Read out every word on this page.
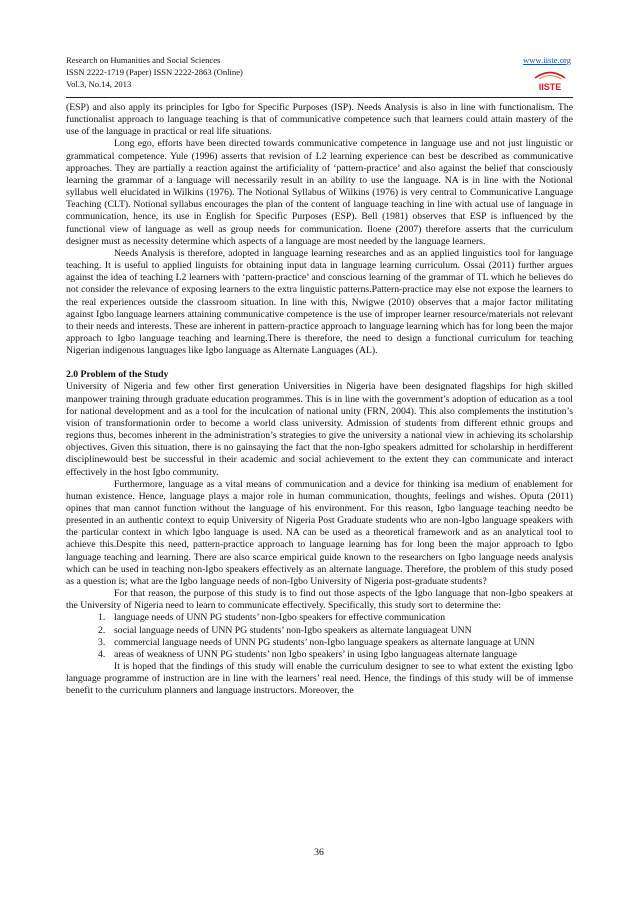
Research on Humanities and Social Sciences
ISSN 2222-1719 (Paper) ISSN 2222-2863 (Online)
Vol.3, No.14, 2013
www.iiste.org
IISTE

(ESP) and also apply its principles for Igbo for Specific Purposes (ISP). Needs Analysis is also in line with functionalism. The functionalist approach to language teaching is that of communicative competence such that learners could attain mastery of the use of the language in practical or real life situations.

Long ego, efforts have been directed towards communicative competence in language use and not just linguistic or grammatical competence. Yule (1996) asserts that revision of L2 learning experience can best be described as communicative approaches. They are partially a reaction against the artificiality of ‘pattern-practice’ and also against the belief that consciously learning the grammar of a language will necessarily result in an ability to use the language. NA is in line with the Notional syllabus well elucidated in Wilkins (1976). The Notional Syllabus of Wilkins (1976) is very central to Communicative Language Teaching (CLT). Notional syllabus encourages the plan of the content of language teaching in line with actual use of language in communication, hence, its use in English for Specific Purposes (ESP). Bell (1981) observes that ESP is influenced by the functional view of language as well as group needs for communication. Iloene (2007) therefore asserts that the curriculum designer must as necessity determine which aspects of a language are most needed by the language learners.

Needs Analysis is therefore, adopted in language learning researches and as an applied linguistics tool for language teaching. It is useful to applied linguists for obtaining input data in language learning curriculum. Ossai (2011) further argues against the idea of teaching L2 learners with ‘pattern-practice’ and conscious learning of the grammar of TL which he believes do not consider the relevance of exposing learners to the extra linguistic patterns.Pattern-practice may else not expose the learners to the real experiences outside the classroom situation. In line with this, Nwigwe (2010) observes that a major factor militating against Igbo language learners attaining communicative competence is the use of improper learner resource/materials not relevant to their needs and interests. These are inherent in pattern-practice approach to language learning which has for long been the major approach to Igbo language teaching and learning.There is therefore, the need to design a functional curriculum for teaching Nigerian indigenous languages like Igbo language as Alternate Languages (AL).

2.0 Problem of the Study

University of Nigeria and few other first generation Universities in Nigeria have been designated flagships for high skilled manpower training through graduate education programmes. This is in line with the government’s adoption of education as a tool for national development and as a tool for the inculcation of national unity (FRN, 2004). This also complements the institution’s vision of transformationin order to become a world class university. Admission of students from different ethnic groups and regions thus, becomes inherent in the administration’s strategies to give the university a national view in achieving its scholarship objectives. Given this situation, there is no gainsaying the fact that the non-Igbo speakers admitted for scholarship in herdifferent disciplinewould best be successful in their academic and social achievement to the extent they can communicate and interact effectively in the host Igbo community.

Furthermore, language as a vital means of communication and a device for thinking isa medium of enablement for human existence. Hence, language plays a major role in human communication, thoughts, feelings and wishes. Oputa (2011) opines that man cannot function without the language of his environment. For this reason, Igbo language teaching needto be presented in an authentic context to equip University of Nigeria Post Graduate students who are non-Igbo language speakers with the particular context in which Igbo language is used. NA can be used as a theoretical framework and as an analytical tool to achieve this.Despite this need, pattern-practice approach to language learning has for long been the major approach to Igbo language teaching and learning. There are also scarce empirical guide known to the researchers on Igbo language needs analysis which can be used in teaching non-Igbo speakers effectively as an alternate language. Therefore, the problem of this study posed as a question is; what are the Igbo language needs of non-Igbo University of Nigeria post-graduate students?

For that reason, the purpose of this study is to find out those aspects of the Igbo language that non-Igbo speakers at the University of Nigeria need to learn to communicate effectively. Specifically, this study sort to determine the:

1. language needs of UNN PG students’ non-Igbo speakers for effective communication
2. social language needs of UNN PG students’ non-Igbo speakers as alternate languageat UNN
3. commercial language needs of UNN PG students’ non-Igbo language speakers as alternate language at UNN
4. areas of weakness of UNN PG students’ non Igbo speakers’ in using Igbo languageas alternate language

It is hoped that the findings of this study will enable the curriculum designer to see to what extent the existing Igbo language programme of instruction are in line with the learners’ real need. Hence, the findings of this study will be of immense benefit to the curriculum planners and language instructors. Moreover, the

36
